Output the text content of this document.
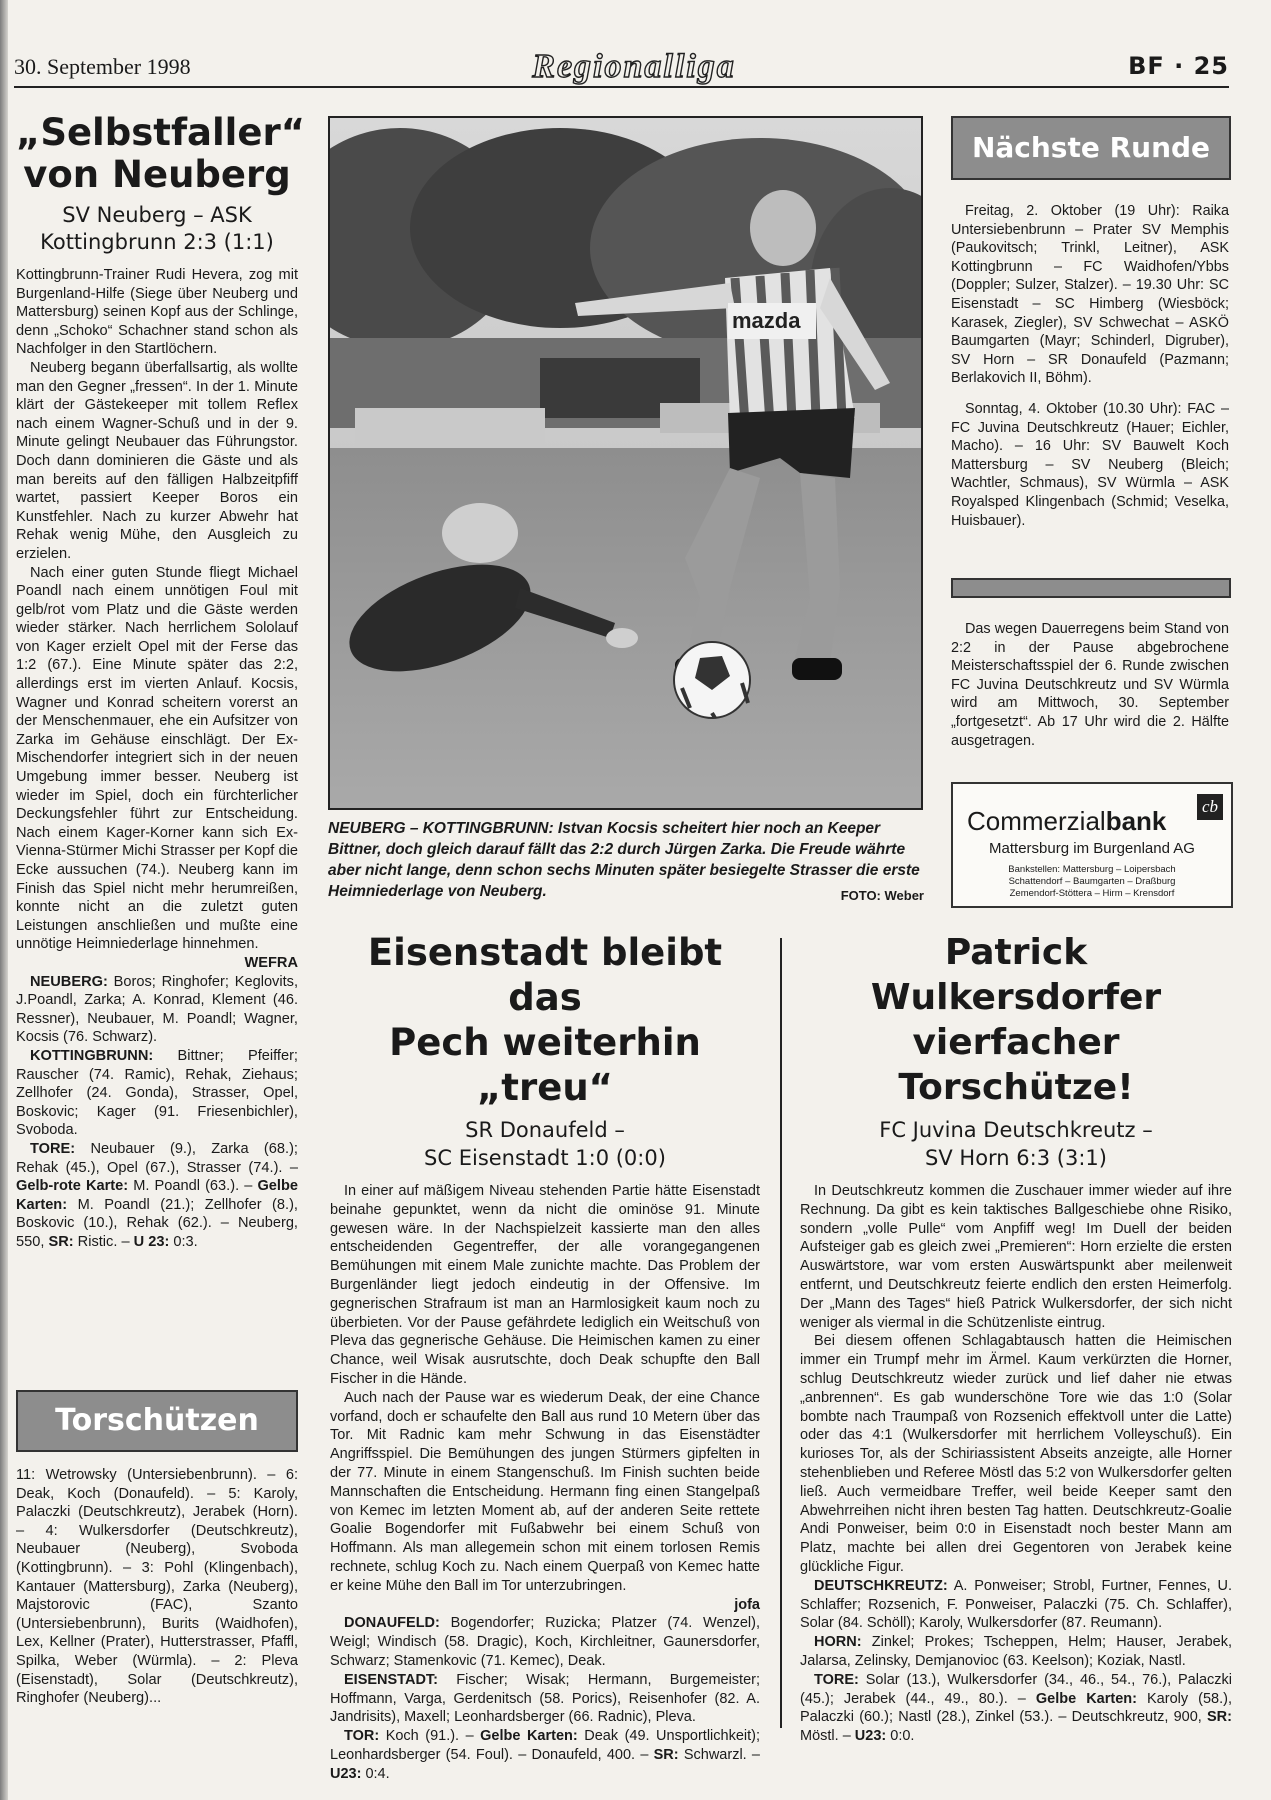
30. September 1998	Regionalliga	BF · 25
„Selbstfaller“
von Neuberg
SV Neuberg – ASK
Kottingbrunn 2:3 (1:1)

Kottingbrunn-Trainer Rudi Hevera, zog mit Burgenland-Hilfe (Siege über Neuberg und Mattersburg) seinen Kopf aus der Schlinge, denn „Schoko“ Schachner stand schon als Nachfolger in den Startlöchern.

Neuberg begann überfallsartig, als wollte man den Gegner „fressen“. In der 1. Minute klärt der Gästekeeper mit tollem Reflex nach einem Wagner-Schuß und in der 9. Minute gelingt Neubauer das Führungstor. Doch dann dominieren die Gäste und als man bereits auf den fälligen Halbzeitpfiff wartet, passiert Keeper Boros ein Kunstfehler. Nach zu kurzer Abwehr hat Rehak wenig Mühe, den Ausgleich zu erzielen.

Nach einer guten Stunde fliegt Michael Poandl nach einem unnötigen Foul mit gelb/rot vom Platz und die Gäste werden wieder stärker. Nach herrlichem Sololauf von Kager erzielt Opel mit der Ferse das 1:2 (67.). Eine Minute später das 2:2, allerdings erst im vierten Anlauf. Kocsis, Wagner und Konrad scheitern vorerst an der Menschenmauer, ehe ein Aufsitzer von Zarka im Gehäuse einschlägt. Der Ex-Mischendorfer integriert sich in der neuen Umgebung immer besser. Neuberg ist wieder im Spiel, doch ein fürchterlicher Deckungsfehler führt zur Entscheidung. Nach einem Kager-Korner kann sich Ex-Vienna-Stürmer Michi Strasser per Kopf die Ecke aussuchen (74.). Neuberg kann im Finish das Spiel nicht mehr herumreißen, konnte nicht an die zuletzt guten Leistungen anschließen und mußte eine unnötige Heimniederlage hinnehmen.

WEFRA

NEUBERG: Boros; Ringhofer; Keglovits, J.Poandl, Zarka; A. Konrad, Klement (46. Ressner), Neubauer, M. Poandl; Wagner, Kocsis (76. Schwarz).

KOTTINGBRUNN: Bittner; Pfeiffer; Rauscher (74. Ramic), Rehak, Ziehaus; Zellhofer (24. Gonda), Strasser, Opel, Boskovic; Kager (91. Friesenbichler), Svoboda.

TORE: Neubauer (9.), Zarka (68.); Rehak (45.), Opel (67.), Strasser (74.). – Gelb-rote Karte: M. Poandl (63.). – Gelbe Karten: M. Poandl (21.); Zellhofer (8.), Boskovic (10.), Rehak (62.). – Neuberg, 550, SR: Ristic. – U 23: 0:3.

Torschützen

11: Wetrowsky (Untersiebenbrunn). – 6: Deak, Koch (Donaufeld). – 5: Karoly, Palaczki (Deutschkreutz), Jerabek (Horn). – 4: Wulkersdorfer (Deutschkreutz), Neubauer (Neuberg), Svoboda (Kottingbrunn). – 3: Pohl (Klingenbach), Kantauer (Mattersburg), Zarka (Neuberg), Majstorovic (FAC), Szanto (Untersiebenbrunn), Burits (Waidhofen), Lex, Kellner (Prater), Hutterstrasser, Pfaffl, Spilka, Weber (Würmla). – 2: Pleva (Eisenstadt), Solar (Deutschkreutz), Ringhofer (Neuberg)...

mazda
NEUBERG – KOTTINGBRUNN: Istvan Kocsis scheitert hier noch an Keeper Bittner, doch gleich darauf fällt das 2:2 durch Jürgen Zarka. Die Freude währte aber nicht lange, denn schon sechs Minuten später besiegelte Strasser die erste Heimniederlage von Neuberg.	FOTO: Weber
Nächste Runde

Freitag, 2. Oktober (19 Uhr): Raika Untersiebenbrunn – Prater SV Memphis (Paukovitsch; Trinkl, Leitner), ASK Kottingbrunn – FC Waidhofen/Ybbs (Doppler; Sulzer, Stalzer). – 19.30 Uhr: SC Eisenstadt – SC Himberg (Wiesböck; Karasek, Ziegler), SV Schwechat – ASKÖ Baumgarten (Mayr; Schinderl, Digruber), SV Horn – SR Donaufeld (Pazmann; Berlakovich II, Böhm).

Sonntag, 4. Oktober (10.30 Uhr): FAC – FC Juvina Deutschkreutz (Hauer; Eichler, Macho). – 16 Uhr: SV Bauwelt Koch Mattersburg – SV Neuberg (Bleich; Wachtler, Schmaus), SV Würmla – ASK Royalsped Klingenbach (Schmid; Veselka, Huisbauer).

Das wegen Dauerregens beim Stand von 2:2 in der Pause abgebrochene Meisterschaftsspiel der 6. Runde zwischen FC Juvina Deutschkreutz und SV Würmla wird am Mittwoch, 30. September „fortgesetzt“. Ab 17 Uhr wird die 2. Hälfte ausgetragen.

Commerzialbank cb
Mattersburg im Burgenland AG
Bankstellen: Mattersburg – Loipersbach
Schattendorf – Baumgarten – Draßburg
Zemendorf-Stöttera – Hirm – Krensdorf
Eisenstadt bleibt das
Pech weiterhin „treu“
SR Donaufeld –
SC Eisenstadt 1:0 (0:0)

In einer auf mäßigem Niveau stehenden Partie hätte Eisenstadt beinahe gepunktet, wenn da nicht die ominöse 91. Minute gewesen wäre. In der Nachspielzeit kassierte man den alles entscheidenden Gegentreffer, der alle vorangegangenen Bemühungen mit einem Male zunichte machte. Das Problem der Burgenländer liegt jedoch eindeutig in der Offensive. Im gegnerischen Strafraum ist man an Harmlosigkeit kaum noch zu überbieten. Vor der Pause gefährdete lediglich ein Weitschuß von Pleva das gegnerische Gehäuse. Die Heimischen kamen zu einer Chance, weil Wisak ausrutschte, doch Deak schupfte den Ball Fischer in die Hände.

Auch nach der Pause war es wiederum Deak, der eine Chance vorfand, doch er schaufelte den Ball aus rund 10 Metern über das Tor. Mit Radnic kam mehr Schwung in das Eisenstädter Angriffsspiel. Die Bemühungen des jungen Stürmers gipfelten in der 77. Minute in einem Stangenschuß. Im Finish suchten beide Mannschaften die Entscheidung. Hermann fing einen Stangelpaß von Kemec im letzten Moment ab, auf der anderen Seite rettete Goalie Bogendorfer mit Fußabwehr bei einem Schuß von Hoffmann. Als man allegemein schon mit einem torlosen Remis rechnete, schlug Koch zu. Nach einem Querpaß von Kemec hatte er keine Mühe den Ball im Tor unterzubringen.

jofa

DONAUFELD: Bogendorfer; Ruzicka; Platzer (74. Wenzel), Weigl; Windisch (58. Dragic), Koch, Kirchleitner, Gaunersdorfer, Schwarz; Stamenkovic (71. Kemec), Deak.

EISENSTADT: Fischer; Wisak; Hermann, Burgemeister; Hoffmann, Varga, Gerdenitsch (58. Porics), Reisenhofer (82. A. Jandrisits), Maxell; Leonhardsberger (66. Radnic), Pleva.

TOR: Koch (91.). – Gelbe Karten: Deak (49. Unsportlichkeit); Leonhardsberger (54. Foul). – Donaufeld, 400. – SR: Schwarzl. – U23: 0:4.

Patrick Wulkersdorfer
vierfacher Torschütze!
FC Juvina Deutschkreutz –
SV Horn 6:3 (3:1)

In Deutschkreutz kommen die Zuschauer immer wieder auf ihre Rechnung. Da gibt es kein taktisches Ballgeschiebe ohne Risiko, sondern „volle Pulle“ vom Anpfiff weg! Im Duell der beiden Aufsteiger gab es gleich zwei „Premieren“: Horn erzielte die ersten Auswärtstore, war vom ersten Auswärtspunkt aber meilenweit entfernt, und Deutschkreutz feierte endlich den ersten Heimerfolg. Der „Mann des Tages“ hieß Patrick Wulkersdorfer, der sich nicht weniger als viermal in die Schützenliste eintrug.

Bei diesem offenen Schlagabtausch hatten die Heimischen immer ein Trumpf mehr im Ärmel. Kaum verkürzten die Horner, schlug Deutschkreutz wieder zurück und lief daher nie etwas „anbrennen“. Es gab wunderschöne Tore wie das 1:0 (Solar bombte nach Traumpaß von Rozsenich effektvoll unter die Latte) oder das 4:1 (Wulkersdorfer mit herrlichem Volleyschuß). Ein kurioses Tor, als der Schiriassistent Abseits anzeigte, alle Horner stehenblieben und Referee Möstl das 5:2 von Wulkersdorfer gelten ließ. Auch vermeidbare Treffer, weil beide Keeper samt den Abwehrreihen nicht ihren besten Tag hatten. Deutschkreutz-Goalie Andi Ponweiser, beim 0:0 in Eisenstadt noch bester Mann am Platz, machte bei allen drei Gegentoren von Jerabek keine glückliche Figur.

DEUTSCHKREUTZ: A. Ponweiser; Strobl, Furtner, Fennes, U. Schlaffer; Rozsenich, F. Ponweiser, Palaczki (75. Ch. Schlaffer), Solar (84. Schöll); Karoly, Wulkersdorfer (87. Reumann).

HORN: Zinkel; Prokes; Tscheppen, Helm; Hauser, Jerabek, Jalarsa, Zelinsky, Demjanovioc (63. Keelson); Koziak, Nastl.

TORE: Solar (13.), Wulkersdorfer (34., 46., 54., 76.), Palaczki (45.); Jerabek (44., 49., 80.). – Gelbe Karten: Karoly (58.), Palaczki (60.); Nastl (28.), Zinkel (53.). – Deutschkreutz, 900, SR: Möstl. – U23: 0:0.
